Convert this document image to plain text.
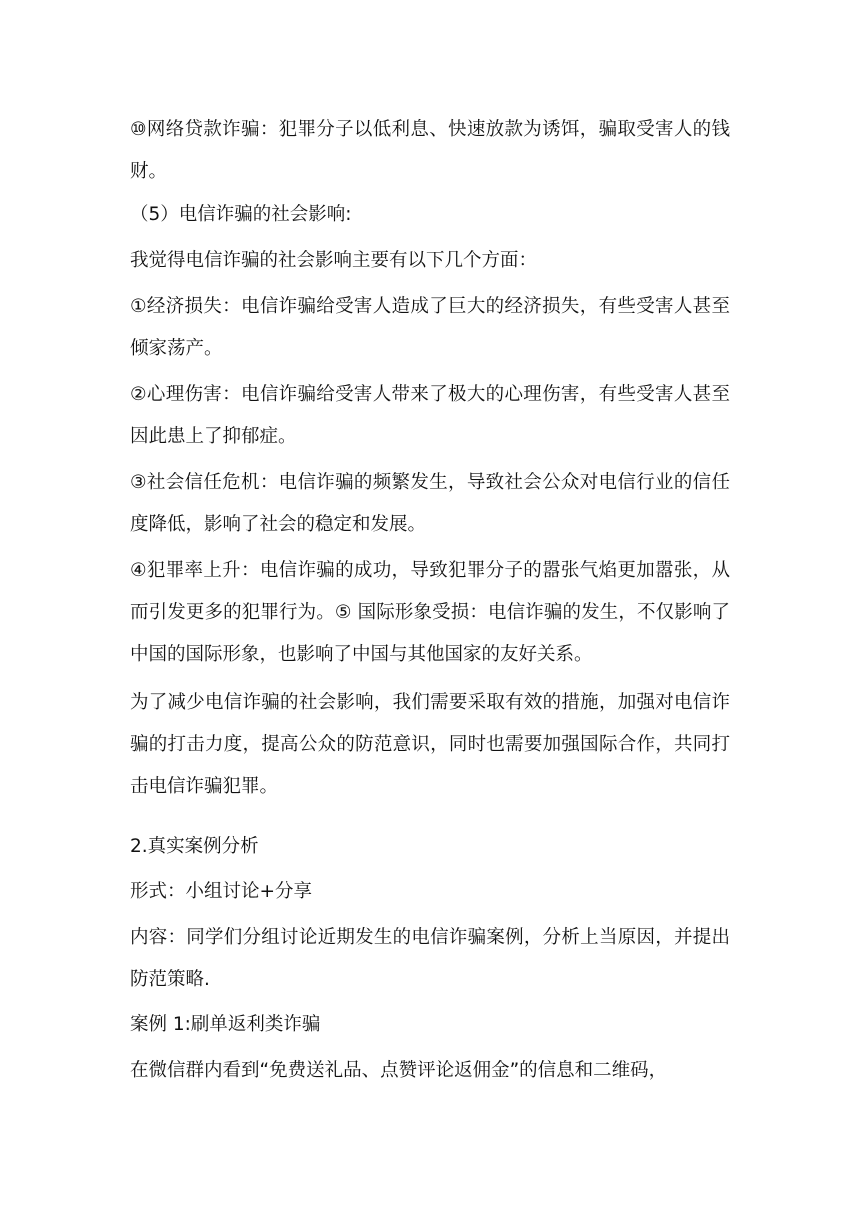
⑩网络贷款诈骗：犯罪分子以低利息、快速放款为诱饵，骗取受害人的钱财。

（5）电信诈骗的社会影响:

我觉得电信诈骗的社会影响主要有以下几个方面：

①经济损失：电信诈骗给受害人造成了巨大的经济损失，有些受害人甚至倾家荡产。

②心理伤害：电信诈骗给受害人带来了极大的心理伤害，有些受害人甚至因此患上了抑郁症。

③社会信任危机：电信诈骗的频繁发生，导致社会公众对电信行业的信任度降低，影响了社会的稳定和发展。

④犯罪率上升：电信诈骗的成功，导致犯罪分子的嚣张气焰更加嚣张，从而引发更多的犯罪行为。⑤ 国际形象受损：电信诈骗的发生，不仅影响了中国的国际形象，也影响了中国与其他国家的友好关系。

为了减少电信诈骗的社会影响，我们需要采取有效的措施，加强对电信诈骗的打击力度，提高公众的防范意识，同时也需要加强国际合作，共同打击电信诈骗犯罪。

2.真实案例分析

形式：小组讨论+分享

内容：同学们分组讨论近期发生的电信诈骗案例，分析上当原因，并提出防范策略.

案例 1:刷单返利类诈骗

在微信群内看到“免费送礼品、点赞评论返佣金”的信息和二维码，
